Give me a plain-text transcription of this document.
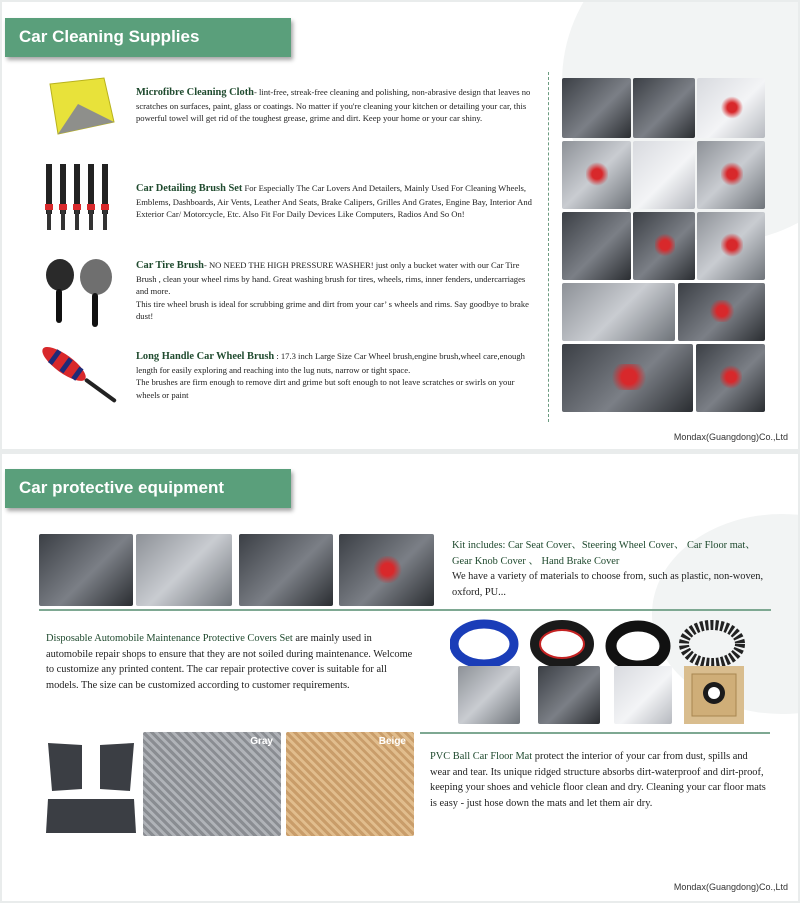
Car Cleaning Supplies
Microfibre Cleaning Cloth- lint-free, streak-free cleaning and polishing, non-abrasive design that leaves no scratches on surfaces, paint, glass or coatings. No matter if you're cleaning your kitchen or detailing your car, this powerful towel will get rid of the toughest grease, grime and dirt. Keep your home or your car shiny.
Car Detailing Brush Set For Especially The Car Lovers And Detailers, Mainly Used For Cleaning Wheels, Emblems, Dashboards, Air Vents, Leather And Seats, Brake Calipers, Grilles And Grates, Engine Bay, Interior And Exterior Car/ Motorcycle, Etc. Also Fit For Daily Devices Like Computers, Radios And So On!
Car Tire Brush- NO NEED THE HIGH PRESSURE WASHER! just only a bucket water with our Car Tire Brush , clean your wheel rims by hand. Great washing brush for tires, wheels, rims, inner fenders, undercarriages and more.
This tire wheel brush is ideal for scrubbing grime and dirt from your car’ s wheels and rims. Say goodbye to brake dust!
Long Handle Car Wheel Brush : 17.3 inch Large Size Car Wheel brush,engine brush,wheel care,enough length for easily exploring and reaching into the lug nuts, narrow or tight space.
The brushes are firm enough to remove dirt and grime but soft enough to not leave scratches or swirls on your wheels or paint
Mondax(Guangdong)Co.,Ltd
Car protective equipment
Kit includes: Car Seat Cover、Steering Wheel Cover、 Car Floor mat、Gear Knob Cover 、 Hand Brake Cover
We have a variety of materials to choose from, such as plastic, non-woven, oxford, PU...
Disposable Automobile Maintenance Protective Covers Set are mainly used in automobile repair shops to ensure that they are not soiled during maintenance. Welcome to customize any printed content. The car repair protective cover is suitable for all models. The size can be customized according to customer requirements.
Gray	Beige
PVC Ball Car Floor Mat protect the interior of your car from dust, spills and wear and tear. Its unique ridged structure absorbs dirt-waterproof and dirt-proof, keeping your shoes and vehicle floor clean and dry. Cleaning your car floor mats is easy - just hose down the mats and let them air dry.
Mondax(Guangdong)Co.,Ltd
